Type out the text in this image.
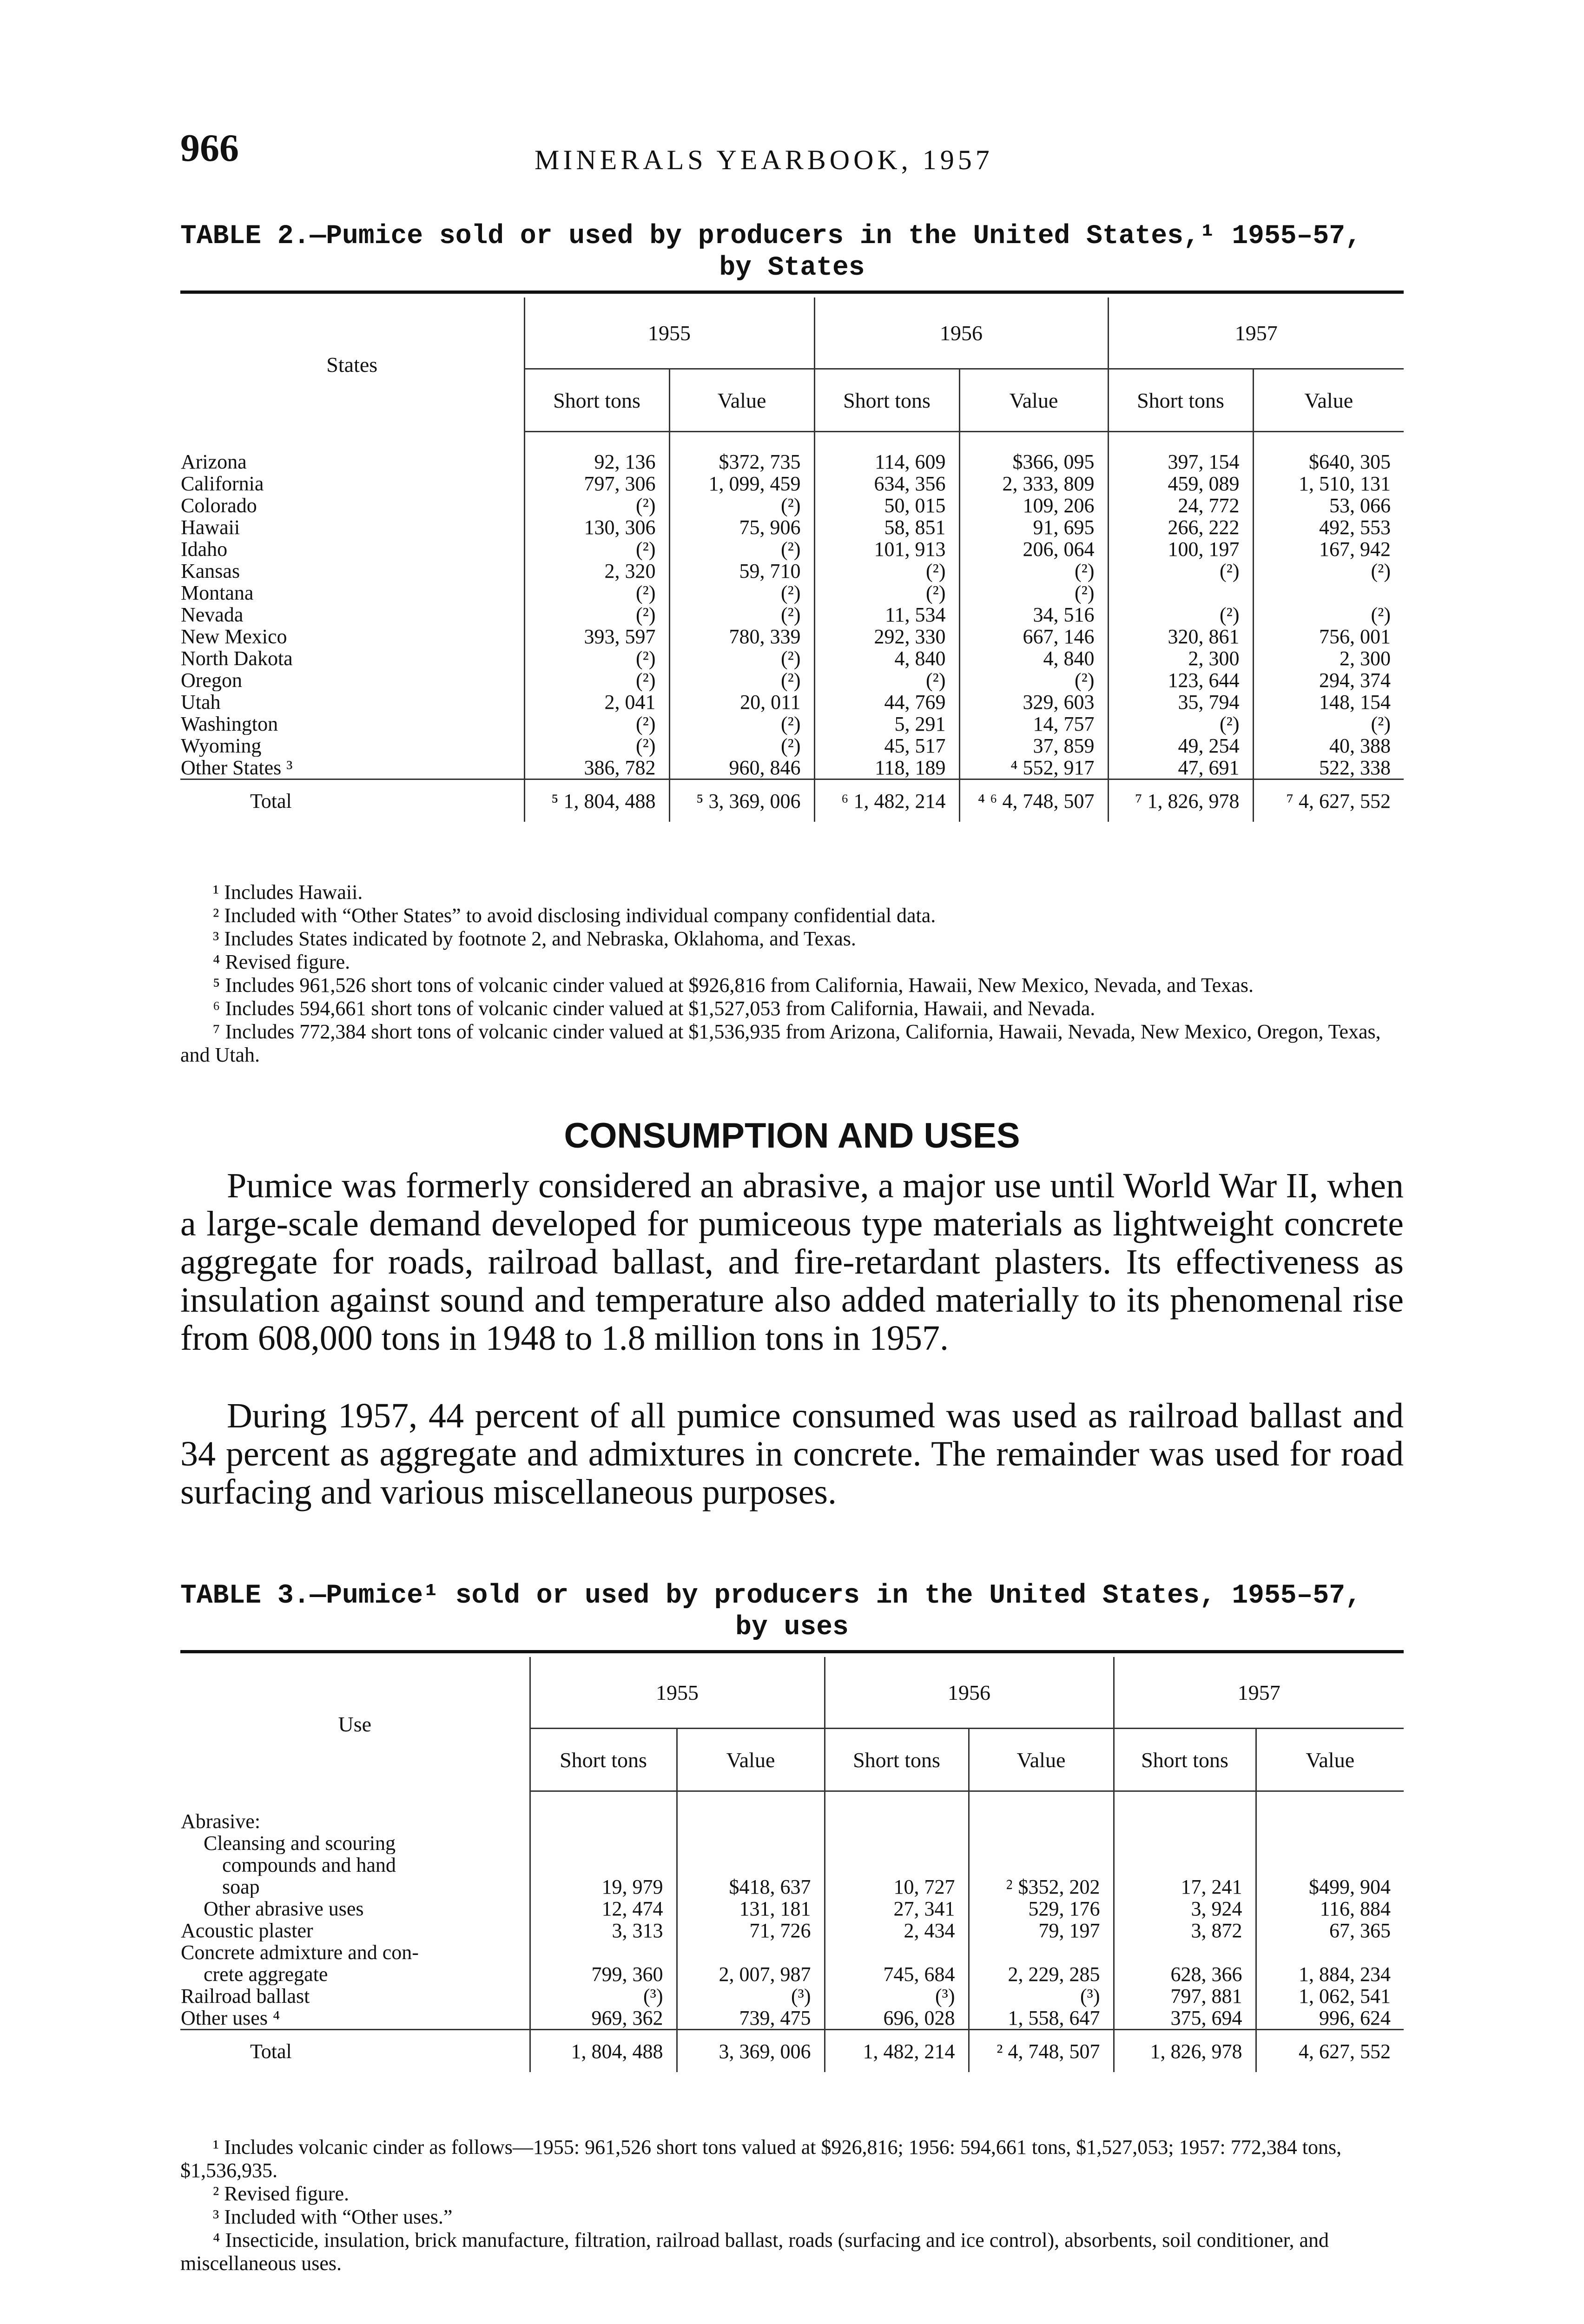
966	MINERALS YEARBOOK, 1957
TABLE 2.—Pumice sold or used by producers in the United States,¹ 1955–57,
by States
States	1955		1956		1957	
	Short tons	Value	Short tons	Value	Short tons	Value

Arizona	92, 136	$372, 735	114, 609	$366, 095	397, 154	$640, 305
California	797, 306	1, 099, 459	634, 356	2, 333, 809	459, 089	1, 510, 131
Colorado	(²)	(²)	50, 015	109, 206	24, 772	53, 066
Hawaii	130, 306	75, 906	58, 851	91, 695	266, 222	492, 553
Idaho	(²)	(²)	101, 913	206, 064	100, 197	167, 942
Kansas	2, 320	59, 710	(²)	(²)	(²)	(²)
Montana	(²)	(²)	(²)	(²)		
Nevada	(²)	(²)	11, 534	34, 516	(²)	(²)
New Mexico	393, 597	780, 339	292, 330	667, 146	320, 861	756, 001
North Dakota	(²)	(²)	4, 840	4, 840	2, 300	2, 300
Oregon	(²)	(²)	(²)	(²)	123, 644	294, 374
Utah	2, 041	20, 011	44, 769	329, 603	35, 794	148, 154
Washington	(²)	(²)	5, 291	14, 757	(²)	(²)
Wyoming	(²)	(²)	45, 517	37, 859	49, 254	40, 388
Other States ³	386, 782	960, 846	118, 189	⁴ 552, 917	47, 691	522, 338
Total	⁵ 1, 804, 488	⁵ 3, 369, 006	⁶ 1, 482, 214	⁴ ⁶ 4, 748, 507	⁷ 1, 826, 978	⁷ 4, 627, 552

¹ Includes Hawaii.

² Included with “Other States” to avoid disclosing individual company confidential data.

³ Includes States indicated by footnote 2, and Nebraska, Oklahoma, and Texas.

⁴ Revised figure.

⁵ Includes 961,526 short tons of volcanic cinder valued at $926,816 from California, Hawaii, New Mexico, Nevada, and Texas.

⁶ Includes 594,661 short tons of volcanic cinder valued at $1,527,053 from California, Hawaii, and Nevada.

⁷ Includes 772,384 short tons of volcanic cinder valued at $1,536,935 from Arizona, California, Hawaii, Nevada, New Mexico, Oregon, Texas, and Utah.

CONSUMPTION AND USES

Pumice was formerly considered an abrasive, a major use until World War II, when a large-scale demand developed for pumiceous type materials as lightweight concrete aggregate for roads, railroad ballast, and fire-retardant plasters. Its effectiveness as insulation against sound and temperature also added materially to its phenomenal rise from 608,000 tons in 1948 to 1.8 million tons in 1957.

During 1957, 44 percent of all pumice consumed was used as railroad ballast and 34 percent as aggregate and admixtures in concrete. The remainder was used for road surfacing and various miscellaneous purposes.

TABLE 3.—Pumice¹ sold or used by producers in the United States, 1955–57,
by uses
Use	1955		1956		1957	
	Short tons	Value	Short tons	Value	Short tons	Value

Abrasive:						
Cleansing and scouring						
compounds and hand						
soap	19, 979	$418, 637	10, 727	⁲ $352, 202	17, 241	$499, 904
Other abrasive uses	12, 474	131, 181	27, 341	529, 176	3, 924	116, 884
Acoustic plaster	3, 313	71, 726	2, 434	79, 197	3, 872	67, 365
Concrete admixture and con-						
crete aggregate	799, 360	2, 007, 987	745, 684	2, 229, 285	628, 366	1, 884, 234
Railroad ballast	(³)	(³)	(³)	(³)	797, 881	1, 062, 541
Other uses ⁴	969, 362	739, 475	696, 028	1, 558, 647	375, 694	996, 624
Total	1, 804, 488	3, 369, 006	1, 482, 214	² 4, 748, 507	1, 826, 978	4, 627, 552

¹ Includes volcanic cinder as follows—1955: 961,526 short tons valued at $926,816; 1956: 594,661 tons, $1,527,053; 1957: 772,384 tons, $1,536,935.

² Revised figure.

³ Included with “Other uses.”

⁴ Insecticide, insulation, brick manufacture, filtration, railroad ballast, roads (surfacing and ice control), absorbents, soil conditioner, and miscellaneous uses.
